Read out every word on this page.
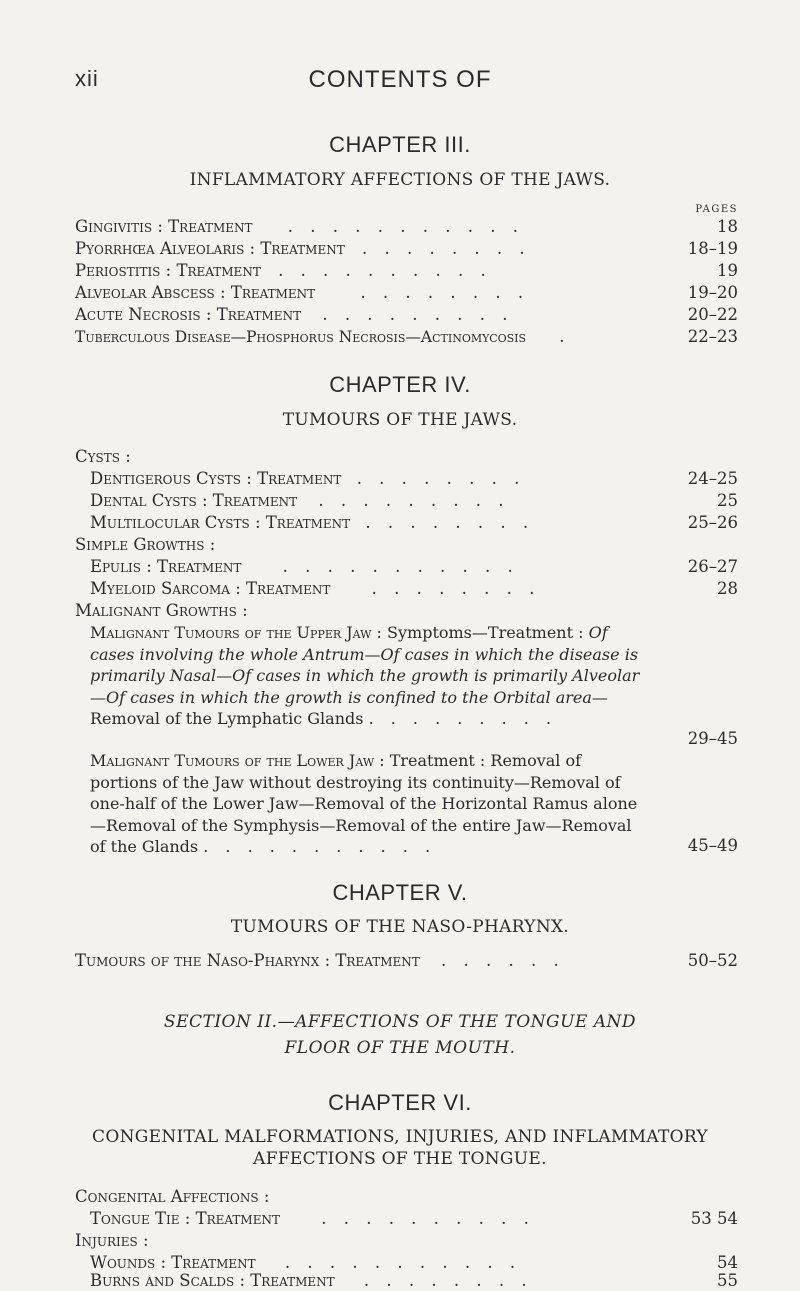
xii	CONTENTS OF
CHAPTER III.
INFLAMMATORY AFFECTIONS OF THE JAWS.
PAGES
Gingivitis : Treatment . . . . . . . . . . .	18
Pyorrhœa Alveolaris : Treatment . . . . . . . .	18–19
Periostitis : Treatment . . . . . . . . . .	19
Alveolar Abscess : Treatment	. . . . . . . .	19–20
Acute Necrosis : Treatment . . . . . . . . .	20–22
Tuberculous Disease—Phosphorus Necrosis—Actinomycosis .	22–23
CHAPTER IV.
TUMOURS OF THE JAWS.
Cysts :
Dentigerous Cysts : Treatment . . . . . . . .	24–25
Dental Cysts : Treatment . . . . . . . . .	25
Multilocular Cysts : Treatment . . . . . . . .	25–26
Simple Growths :
Epulis : Treatment	. . . . . . . . . . .	26–27
Myeloid Sarcoma : Treatment	. . . . . . . .	28
Malignant Growths :
Malignant Tumours of the Upper Jaw : Symptoms—Treatment : Of cases involving the whole Antrum—Of cases in which the disease is primarily Nasal—Of cases in which the growth is primarily Alveolar—Of cases in which the growth is confined to the Orbital area—Removal of the Lymphatic Glands . . . . . . . . .
29–45
Malignant Tumours of the Lower Jaw : Treatment : Removal of portions of the Jaw without destroying its continuity—Removal of one-half of the Lower Jaw—Removal of the Horizontal Ramus alone —Removal of the Symphysis—Removal of the entire Jaw—Removal of the Glands . . . . . . . . . . .	45–49
CHAPTER V.
TUMOURS OF THE NASO-PHARYNX.
Tumours of the Naso-Pharynx : Treatment . . . . . .	50–52
SECTION II.—AFFECTIONS OF THE TONGUE AND
FLOOR OF THE MOUTH.
CHAPTER VI.
CONGENITAL MALFORMATIONS, INJURIES, AND INFLAMMATORY
AFFECTIONS OF THE TONGUE.
Congenital Affections :
Tongue Tie : Treatment	. . . . . . . . . .	53 54
Injuries :
Wounds : Treatment . . . . . . . . . . .	54
Burns and Scalds : Treatment . . . . . . . .	55
